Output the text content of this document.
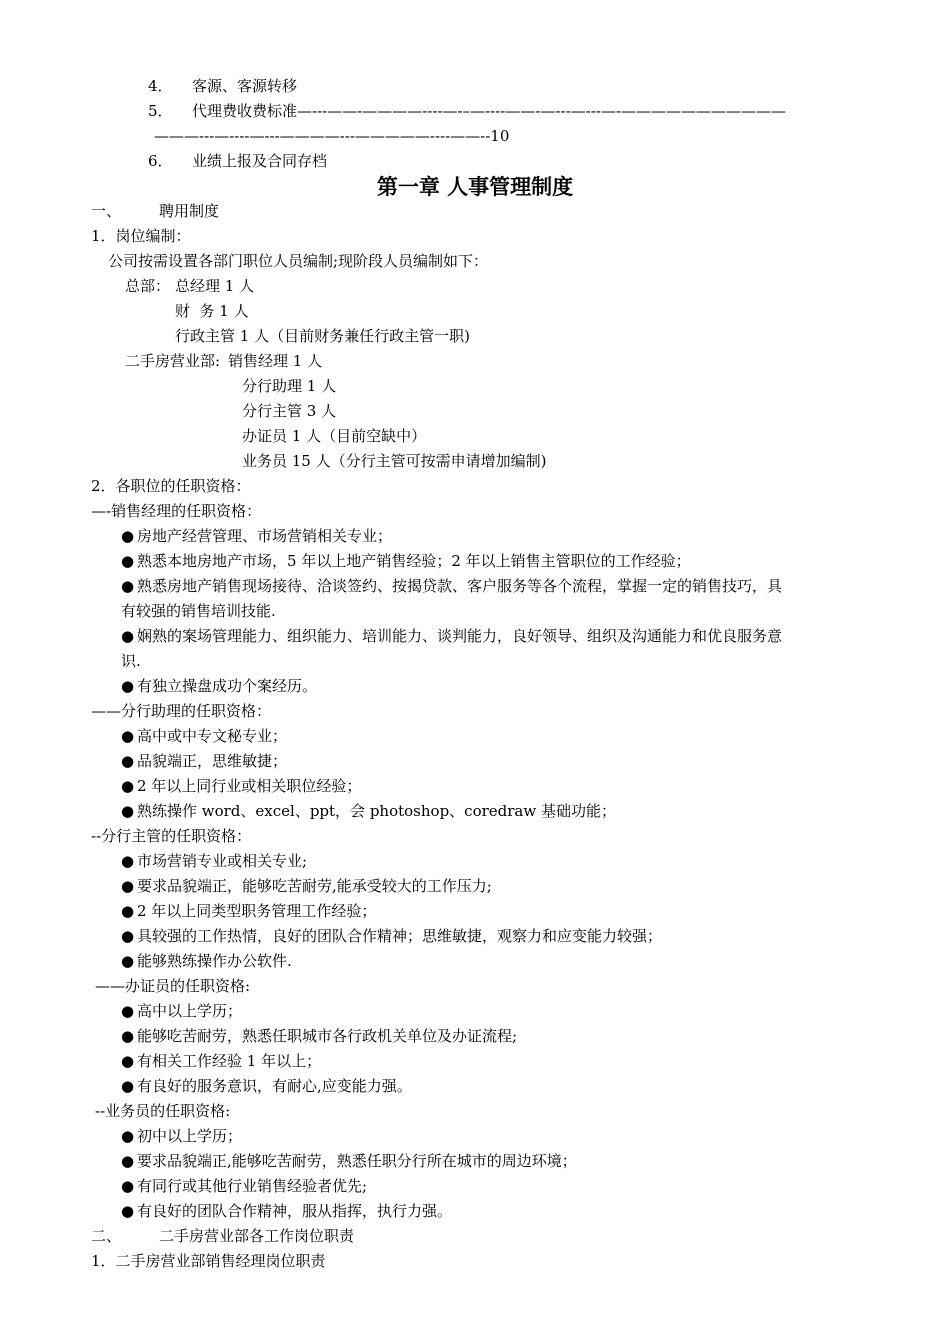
4． 客源、客源转移
5． 代理费收费标准—---——-————----—-–—----——-—---—---—-———————————
———---—----—---————---—————----——--10
6． 业绩上报及合同存档
第一章 人事管理制度
一、	聘用制度
1．岗位编制：
公司按需设置各部门职位人员编制;现阶段人员编制如下：
总部： 总经理 1 人
财  务 1 人
行政主管 1 人（目前财务兼任行政主管一职)
二手房营业部: 销售经理 1 人
分行助理 1 人
分行主管 3 人
办证员 1 人（目前空缺中）
业务员 15 人（分行主管可按需申请增加编制)
2．各职位的任职资格：
—-销售经理的任职资格：
● 房地产经营管理、市场营销相关专业；
● 熟悉本地房地产市场，5 年以上地产销售经验；2 年以上销售主管职位的工作经验；
● 熟悉房地产销售现场接待、洽谈签约、按揭贷款、客户服务等各个流程，掌握一定的销售技巧，具
有较强的销售培训技能.
● 娴熟的案场管理能力、组织能力、培训能力、谈判能力，良好领导、组织及沟通能力和优良服务意
识.
● 有独立操盘成功个案经历。
——分行助理的任职资格：
● 高中或中专文秘专业；
● 品貌端正，思维敏捷；
● 2 年以上同行业或相关职位经验；
● 熟练操作 word、excel、ppt，会 photoshop、coredraw 基础功能；
--分行主管的任职资格：
● 市场营销专业或相关专业;
● 要求品貌端正，能够吃苦耐劳,能承受较大的工作压力;
● 2 年以上同类型职务管理工作经验；
● 具较强的工作热情，良好的团队合作精神；思维敏捷，观察力和应变能力较强；
● 能够熟练操作办公软件.
——办证员的任职资格:
● 高中以上学历；
● 能够吃苦耐劳，熟悉任职城市各行政机关单位及办证流程;
● 有相关工作经验 1 年以上；
● 有良好的服务意识，有耐心,应变能力强。
--业务员的任职资格:
● 初中以上学历；
● 要求品貌端正,能够吃苦耐劳，熟悉任职分行所在城市的周边环境；
● 有同行或其他行业销售经验者优先;
● 有良好的团队合作精神，服从指挥，执行力强。
二、	二手房营业部各工作岗位职责
1．二手房营业部销售经理岗位职责
